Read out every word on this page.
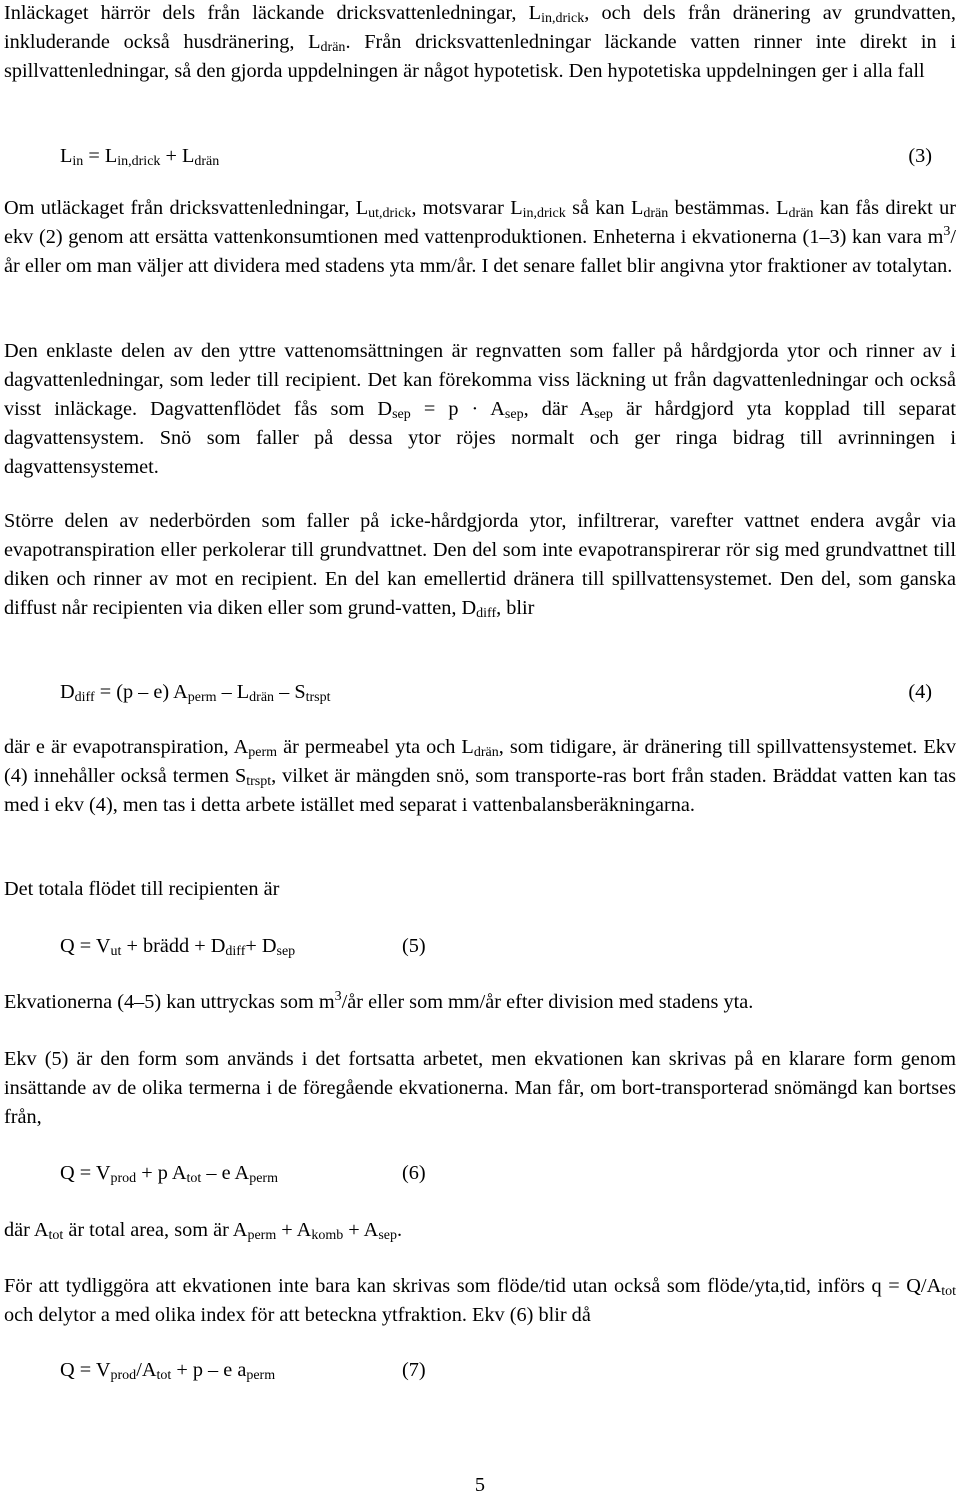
Inläckaget härrör dels från läckande dricksvattenledningar, $L_{in,drick}$, och dels från dränering av grundvatten, inkluderande också husdränering, $L_{drän}$. Från dricksvattenledningar läckande vatten rinner inte direkt in i spillvattenledningar, så den gjorda uppdelningen är något hypotetisk. Den hypotetiska uppdelningen ger i alla fall

$L_{in} = L_{in,drick} + L_{drän}$	(3)

Om utläckaget från dricksvattenledningar, $L_{ut,drick}$, motsvarar $L_{in,drick}$ så kan $L_{drän}$ bestämmas. $L_{drän}$ kan fås direkt ur ekv (2) genom att ersätta vattenkonsumtionen med vattenproduktionen. Enheterna i ekvationerna (1–3) kan vara $m^3/år$ eller om man väljer att dividera med stadens yta mm/år. I det senare fallet blir angivna ytor fraktioner av totalytan.

Den enklaste delen av den yttre vattenomsättningen är regnvatten som faller på hårdgjorda ytor och rinner av i dagvattenledningar, som leder till recipient. Det kan förekomma viss läckning ut från dagvattenledningar och också visst inläckage. Dagvattenflödet fås som $D_{sep} = p \cdot A_{sep}$, där $A_{sep}$ är hårdgjord yta kopplad till separat dagvattensystem. Snö som faller på dessa ytor röjes normalt och ger ringa bidrag till avrinningen i dagvattensystemet.

Större delen av nederbörden som faller på icke-hårdgjorda ytor, infiltrerar, varefter vattnet endera avgår via evapotranspiration eller perkolerar till grundvattnet. Den del som inte evapotranspirerar rör sig med grundvattnet till diken och rinner av mot en recipient. En del kan emellertid dränera till spillvattensystemet. Den del, som ganska diffust når recipienten via diken eller som grund-vatten, $D_{diff}$, blir

$D_{diff} = (p - e)$ $A_{perm} - L_{drän} - S_{trspt}$	(4)

där e är evapotranspiration, $A_{perm}$ är permeabel yta och $L_{drän}$, som tidigare, är dränering till spillvattensystemet. Ekv (4) innehåller också termen $S_{trspt}$, vilket är mängden snö, som transporte-ras bort från staden. Bräddat vatten kan tas med i ekv (4), men tas i detta arbete istället med separat i vattenbalansberäkningarna.

Det totala flödet till recipienten är

$Q = V_{ut}$ + brädd + $D_{diff}+ D_{sep}$	(5)

Ekvationerna (4–5) kan uttryckas som $m^3/år$ eller som mm/år efter division med stadens yta.

Ekv (5) är den form som används i det fortsatta arbetet, men ekvationen kan skrivas på en klarare form genom insättande av de olika termerna i de föregående ekvationerna. Man får, om bort-transporterad snömängd kan bortses från,

$Q = V_{prod} + p$ $A_{tot}$ – e $A_{perm}$	(6)

där $A_{tot}$ är total area, som är $A_{perm} + A_{komb} + A_{sep}$.

För att tydliggöra att ekvationen inte bara kan skrivas som flöde/tid utan också som flöde/yta,tid, införs $q = Q/A_{tot}$ och delytor a med olika index för att beteckna ytfraktion. Ekv (6) blir då

$Q = V_{prod}/A_{tot} + p - e$ $a_{perm}$	(7)
5
